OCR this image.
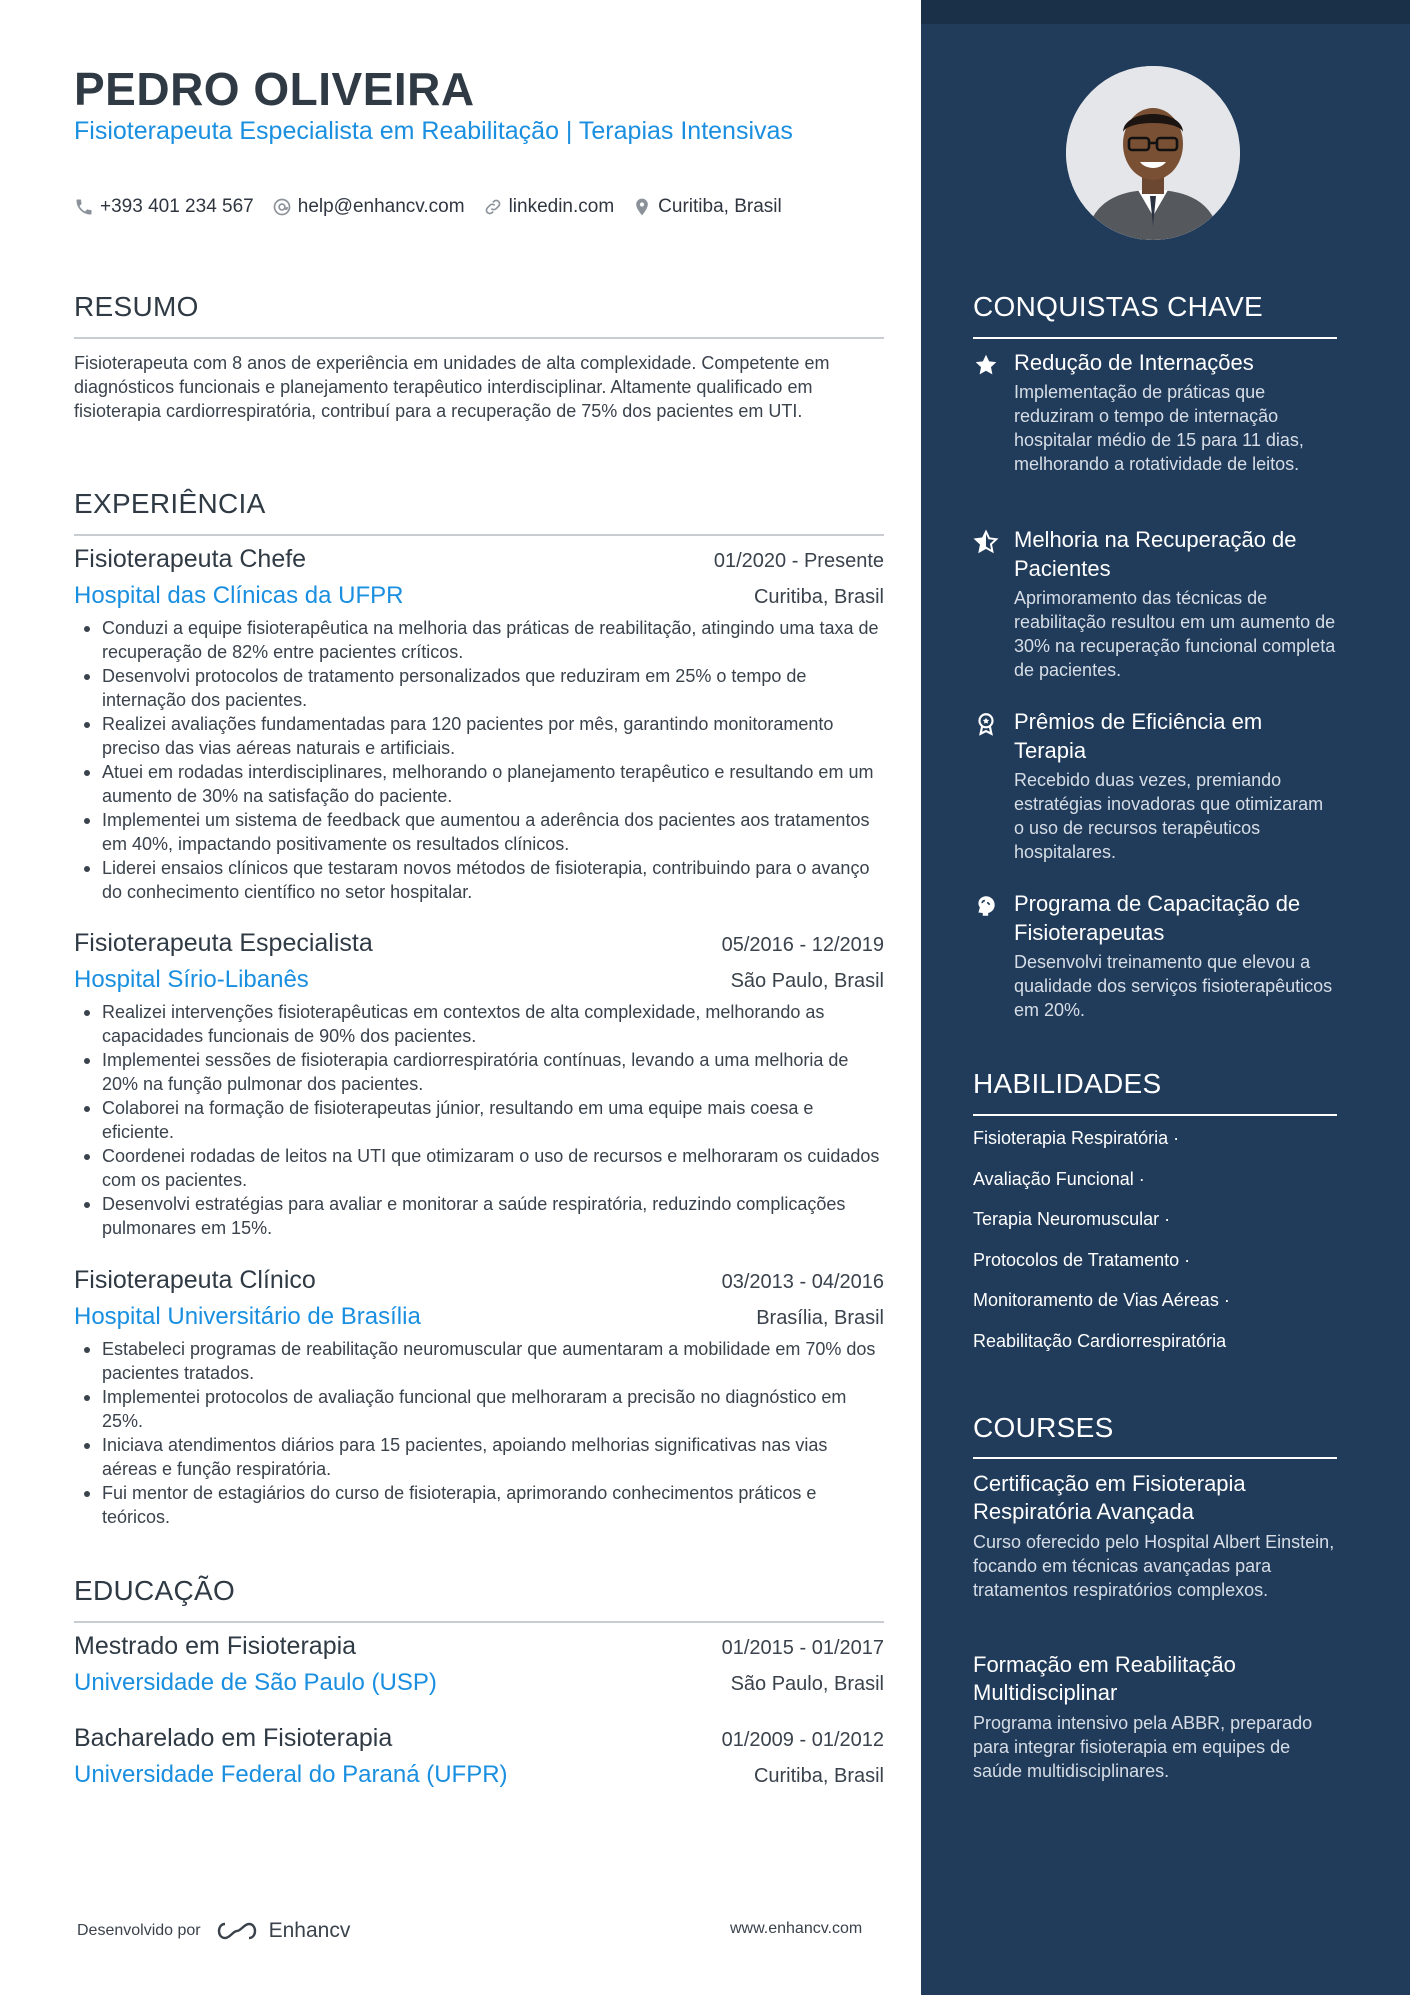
PEDRO OLIVEIRA
Fisioterapeuta Especialista em Reabilitação | Terapias Intensivas
+393 401 234 567 help@enhancv.com linkedin.com Curitiba, Brasil
RESUMO
Fisioterapeuta com 8 anos de experiência em unidades de alta complexidade. Competente em diagnósticos funcionais e planejamento terapêutico interdisciplinar. Altamente qualificado em fisioterapia cardiorrespiratória, contribuí para a recuperação de 75% dos pacientes em UTI.
EXPERIÊNCIA
Fisioterapeuta Chefe	01/2020 - Presente
Hospital das Clínicas da UFPR	Curitiba, Brasil
Conduzi a equipe fisioterapêutica na melhoria das práticas de reabilitação, atingindo uma taxa de recuperação de 82% entre pacientes críticos.
Desenvolvi protocolos de tratamento personalizados que reduziram em 25% o tempo de internação dos pacientes.
Realizei avaliações fundamentadas para 120 pacientes por mês, garantindo monitoramento preciso das vias aéreas naturais e artificiais.
Atuei em rodadas interdisciplinares, melhorando o planejamento terapêutico e resultando em um aumento de 30% na satisfação do paciente.
Implementei um sistema de feedback que aumentou a aderência dos pacientes aos tratamentos em 40%, impactando positivamente os resultados clínicos.
Liderei ensaios clínicos que testaram novos métodos de fisioterapia, contribuindo para o avanço do conhecimento científico no setor hospitalar.
Fisioterapeuta Especialista	05/2016 - 12/2019
Hospital Sírio-Libanês	São Paulo, Brasil
Realizei intervenções fisioterapêuticas em contextos de alta complexidade, melhorando as capacidades funcionais de 90% dos pacientes.
Implementei sessões de fisioterapia cardiorrespiratória contínuas, levando a uma melhoria de 20% na função pulmonar dos pacientes.
Colaborei na formação de fisioterapeutas júnior, resultando em uma equipe mais coesa e eficiente.
Coordenei rodadas de leitos na UTI que otimizaram o uso de recursos e melhoraram os cuidados com os pacientes.
Desenvolvi estratégias para avaliar e monitorar a saúde respiratória, reduzindo complicações pulmonares em 15%.
Fisioterapeuta Clínico	03/2013 - 04/2016
Hospital Universitário de Brasília	Brasília, Brasil
Estabeleci programas de reabilitação neuromuscular que aumentaram a mobilidade em 70% dos pacientes tratados.
Implementei protocolos de avaliação funcional que melhoraram a precisão no diagnóstico em 25%.
Iniciava atendimentos diários para 15 pacientes, apoiando melhorias significativas nas vias aéreas e função respiratória.
Fui mentor de estagiários do curso de fisioterapia, aprimorando conhecimentos práticos e teóricos.
EDUCAÇÃO
Mestrado em Fisioterapia	01/2015 - 01/2017
Universidade de São Paulo (USP)	São Paulo, Brasil
Bacharelado em Fisioterapia	01/2009 - 01/2012
Universidade Federal do Paraná (UFPR)	Curitiba, Brasil
Desenvolvido por	Enhancv	www.enhancv.com
CONQUISTAS CHAVE
Redução de Internações
Implementação de práticas que reduziram o tempo de internação hospitalar médio de 15 para 11 dias, melhorando a rotatividade de leitos.
Melhoria na Recuperação de Pacientes
Aprimoramento das técnicas de reabilitação resultou em um aumento de 30% na recuperação funcional completa de pacientes.
Prêmios de Eficiência em Terapia
Recebido duas vezes, premiando estratégias inovadoras que otimizaram o uso de recursos terapêuticos hospitalares.
Programa de Capacitação de Fisioterapeutas
Desenvolvi treinamento que elevou a qualidade dos serviços fisioterapêuticos em 20%.
HABILIDADES
Fisioterapia Respiratória ·
Avaliação Funcional ·
Terapia Neuromuscular ·
Protocolos de Tratamento ·
Monitoramento de Vias Aéreas ·
Reabilitação Cardiorrespiratória
COURSES
Certificação em Fisioterapia Respiratória Avançada
Curso oferecido pelo Hospital Albert Einstein, focando em técnicas avançadas para tratamentos respiratórios complexos.
Formação em Reabilitação Multidisciplinar
Programa intensivo pela ABBR, preparado para integrar fisioterapia em equipes de saúde multidisciplinares.
